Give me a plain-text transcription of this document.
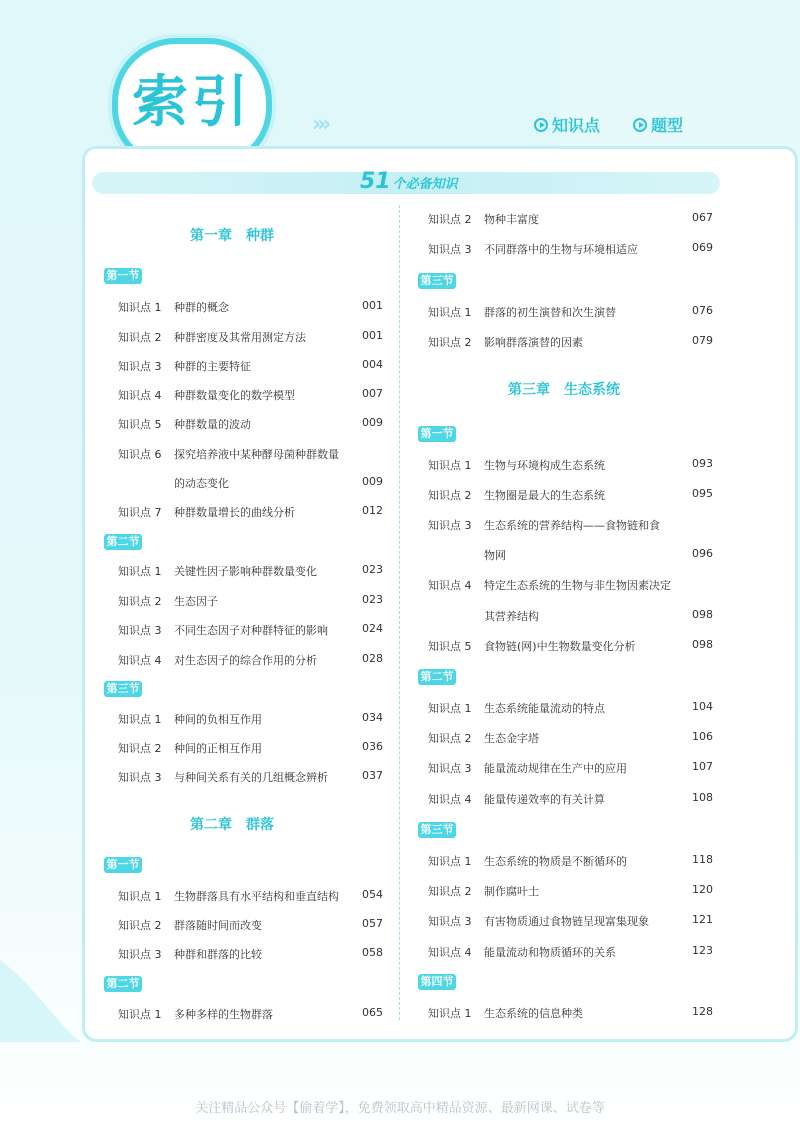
索引	›››	知识点	题型
51 个必备知识
第一章　种群
第一节
知识点 1 种群的概念	001
知识点 2 种群密度及其常用测定方法	001
知识点 3 种群的主要特征	004
知识点 4 种群数量变化的数学模型	007
知识点 5 种群数量的波动	009
知识点 6 探究培养液中某种酵母菌种群数量
的动态变化	009
知识点 7 种群数量增长的曲线分析	012
第二节
知识点 1 关键性因子影响种群数量变化	023
知识点 2 生态因子	023
知识点 3 不同生态因子对种群特征的影响	024
知识点 4 对生态因子的综合作用的分析	028
第三节
知识点 1 种间的负相互作用	034
知识点 2 种间的正相互作用	036
知识点 3 与种间关系有关的几组概念辨析	037
第二章　群落
第一节
知识点 1 生物群落具有水平结构和垂直结构 054
知识点 2 群落随时间而改变	057
知识点 3 种群和群落的比较	058
第二节
知识点 1 多种多样的生物群落	065
知识点 2 物种丰富度	067
知识点 3 不同群落中的生物与环境相适应	069
第三节
知识点 1 群落的初生演替和次生演替	076
知识点 2 影响群落演替的因素	079
第三章　生态系统
第一节
知识点 1 生物与环境构成生态系统	093
知识点 2 生物圈是最大的生态系统	095
知识点 3 生态系统的营养结构——食物链和食
物网	096
知识点 4 特定生态系统的生物与非生物因素决定
其营养结构	098
知识点 5 食物链(网)中生物数量变化分析	098
第二节
知识点 1 生态系统能量流动的特点	104
知识点 2 生态金字塔	106
知识点 3 能量流动规律在生产中的应用	107
知识点 4 能量传递效率的有关计算	108
第三节
知识点 1 生态系统的物质是不断循环的	118
知识点 2 制作腐叶土	120
知识点 3 有害物质通过食物链呈现富集现象	121
知识点 4 能量流动和物质循环的关系	123
第四节
知识点 1 生态系统的信息种类	128
关注精品公众号【偷着学】，免费领取高中精品资源、最新网课、试卷等
